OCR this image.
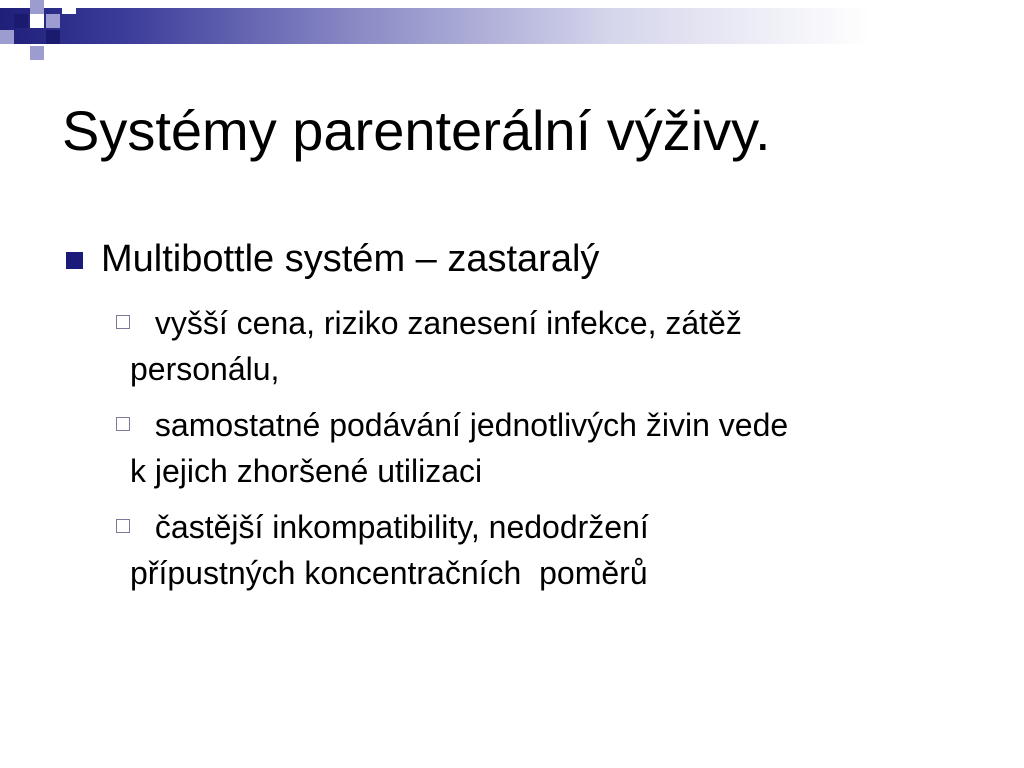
Systémy parenterální výživy.
Multibottle systém – zastaralý
vyšší cena, riziko zanesení infekce, zátěž
personálu,
samostatné podávání jednotlivých živin vede
k jejich zhoršené utilizaci
častější inkompatibility, nedodržení
přípustných koncentračních  poměrů
